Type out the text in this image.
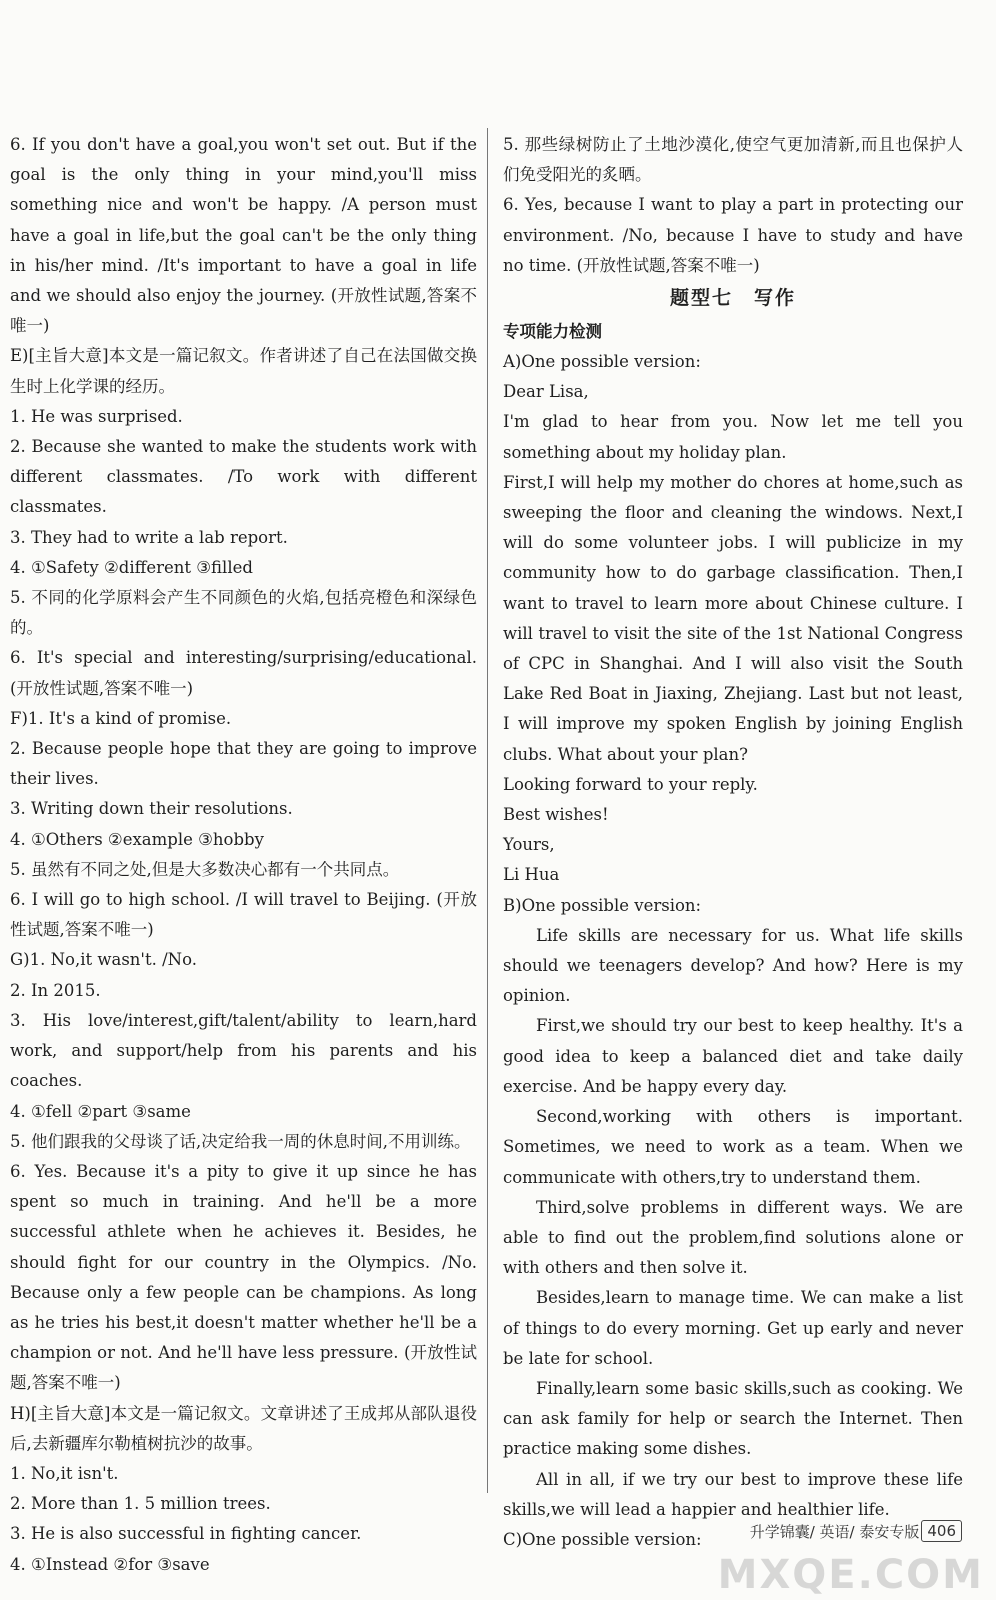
6. If you don't have a goal,you won't set out. But if the goal is the only thing in your mind,you'll miss something nice and won't be happy. /A person must have a goal in life,but the goal can't be the only thing in his/her mind. /It's important to have a goal in life and we should also enjoy the journey. (开放性试题,答案不唯一)

E)[主旨大意]本文是一篇记叙文。作者讲述了自己在法国做交换生时上化学课的经历。

1. He was surprised.

2. Because she wanted to make the students work with different classmates. /To work with different classmates.

3. They had to write a lab report.

4. ①Safety ②different ③filled

5. 不同的化学原料会产生不同颜色的火焰,包括亮橙色和深绿色的。

6. It's special and interesting/surprising/educational. (开放性试题,答案不唯一)

F)1. It's a kind of promise.

2. Because people hope that they are going to improve their lives.

3. Writing down their resolutions.

4. ①Others ②example ③hobby

5. 虽然有不同之处,但是大多数决心都有一个共同点。

6. I will go to high school. /I will travel to Beijing. (开放性试题,答案不唯一)

G)1. No,it wasn't. /No.

2. In 2015.

3. His love/interest,gift/talent/ability to learn,hard work, and support/help from his parents and his coaches.

4. ①fell ②part ③same

5. 他们跟我的父母谈了话,决定给我一周的休息时间,不用训练。

6. Yes. Because it's a pity to give it up since he has spent so much in training. And he'll be a more successful athlete when he achieves it. Besides, he should fight for our country in the Olympics. /No. Because only a few people can be champions. As long as he tries his best,it doesn't matter whether he'll be a champion or not. And he'll have less pressure. (开放性试题,答案不唯一)

H)[主旨大意]本文是一篇记叙文。文章讲述了王成邦从部队退役后,去新疆库尔勒植树抗沙的故事。

1. No,it isn't.

2. More than 1. 5 million trees.

3. He is also successful in fighting cancer.

4. ①Instead ②for ③save

5. 那些绿树防止了土地沙漠化,使空气更加清新,而且也保护人们免受阳光的炙晒。

6. Yes, because I want to play a part in protecting our environment. /No, because I have to study and have no time. (开放性试题,答案不唯一)

题型七　写作
专项能力检测

A)One possible version:

Dear Lisa,

I'm glad to hear from you. Now let me tell you something about my holiday plan.

First,I will help my mother do chores at home,such as sweeping the floor and cleaning the windows. Next,I will do some volunteer jobs. I will publicize in my community how to do garbage classification. Then,I want to travel to learn more about Chinese culture. I will travel to visit the site of the 1st National Congress of CPC in Shanghai. And I will also visit the South Lake Red Boat in Jiaxing, Zhejiang. Last but not least, I will improve my spoken English by joining English clubs. What about your plan?

Looking forward to your reply.

Best wishes!

Yours,

Li Hua

B)One possible version:

Life skills are necessary for us. What life skills should we teenagers develop? And how? Here is my opinion.

First,we should try our best to keep healthy. It's a good idea to keep a balanced diet and take daily exercise. And be happy every day.

Second,working with others is important. Sometimes, we need to work as a team. When we communicate with others,try to understand them.

Third,solve problems in different ways. We are able to find out the problem,find solutions alone or with others and then solve it.

Besides,learn to manage time. We can make a list of things to do every morning. Get up early and never be late for school.

Finally,learn some basic skills,such as cooking. We can ask family for help or search the Internet. Then practice making some dishes.

All in all, if we try our best to improve these life skills,we will lead a happier and healthier life.

C)One possible version:	升学锦囊/ 英语/ 泰安专版 406
MXQE.COM
